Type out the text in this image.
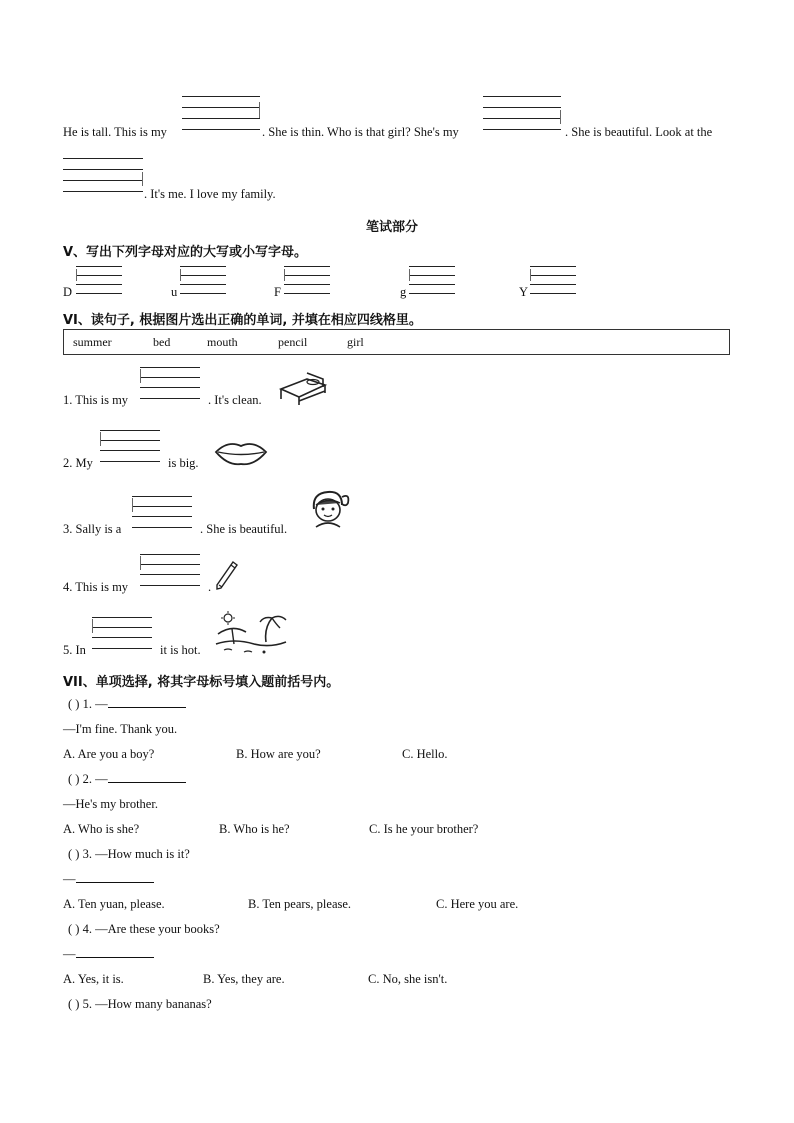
He is tall. This is my	. She is thin. Who is that girl? She's my	. She is beautiful. Look at the
. It's me. I love my family.
笔试部分
V、写出下列字母对应的大写或小写字母。
D	u	F	g	Y
VI、读句子, 根据图片选出正确的单词, 并填在相应四线格里。
summer	bed	mouth	pencil	girl
1. This is my	. It's clean.
2. My	is big.
3. Sally is a	. She is beautiful.
4. This is my	.
5. In	it is hot.
VII、单项选择, 将其字母标号填入题前括号内。
( ) 1. —
—I'm fine. Thank you.
A. Are you a boy?	B. How are you?	C. Hello.
( ) 2. —
—He's my brother.
A. Who is she?	B. Who is he?	C. Is he your brother?
( ) 3. —How much is it?
—
A. Ten yuan, please.	B. Ten pears, please.	C. Here you are.
( ) 4. —Are these your books?
—
A. Yes, it is.	B. Yes, they are.	C. No, she isn't.
( ) 5. —How many bananas?
